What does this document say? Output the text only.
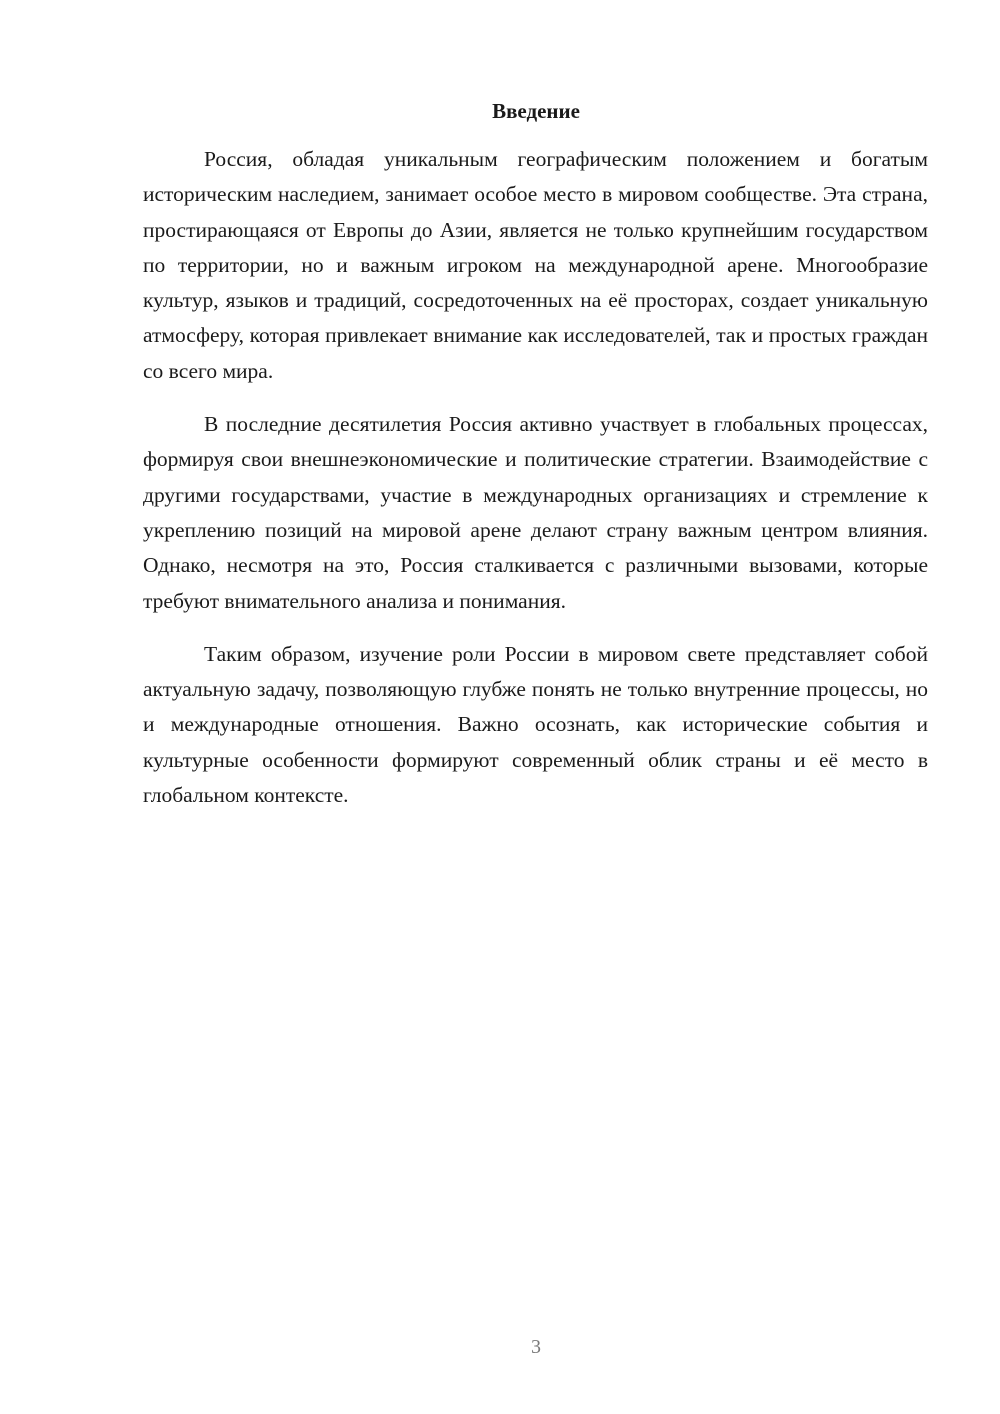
Введение

Россия, обладая уникальным географическим положением и богатым историческим наследием, занимает особое место в мировом сообществе. Эта страна, простирающаяся от Европы до Азии, является не только крупнейшим государством по территории, но и важным игроком на международной арене. Многообразие культур, языков и традиций, сосредоточенных на её просторах, создает уникальную атмосферу, которая привлекает внимание как исследователей, так и простых граждан со всего мира.

В последние десятилетия Россия активно участвует в глобальных процессах, формируя свои внешнеэкономические и политические стратегии. Взаимодействие с другими государствами, участие в международных организациях и стремление к укреплению позиций на мировой арене делают страну важным центром влияния. Однако, несмотря на это, Россия сталкивается с различными вызовами, которые требуют внимательного анализа и понимания.

Таким образом, изучение роли России в мировом свете представляет собой актуальную задачу, позволяющую глубже понять не только внутренние процессы, но и международные отношения. Важно осознать, как исторические события и культурные особенности формируют современный облик страны и её место в глобальном контексте.

3
